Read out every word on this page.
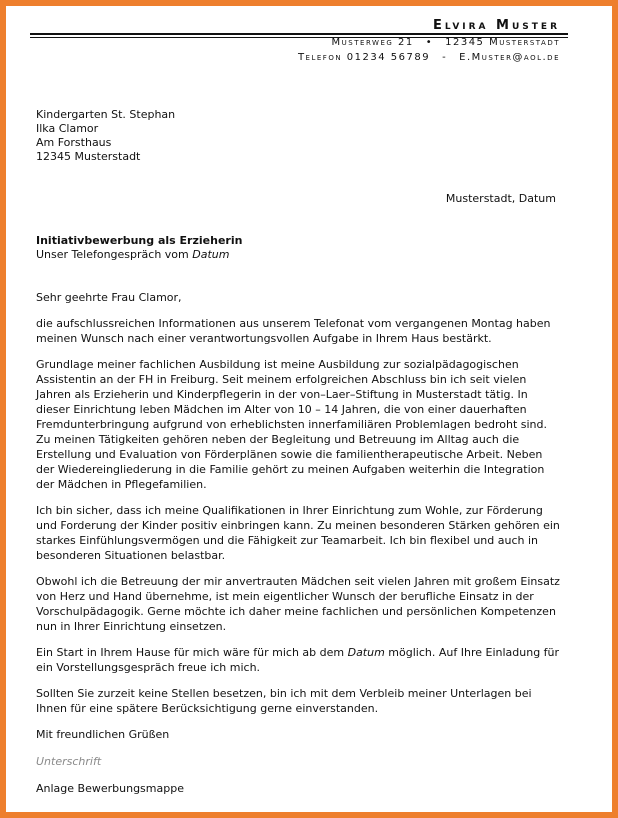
Elvira Muster
Musterweg 21 • 12345 Musterstadt
Telefon 01234 56789 - E.Muster@aol.de
Kindergarten St. Stephan
Ilka Clamor
Am Forsthaus
12345 Musterstadt
Musterstadt, Datum
Initiativbewerbung als Erzieherin
Unser Telefongespräch vom Datum

Sehr geehrte Frau Clamor,

die aufschlussreichen Informationen aus unserem Telefonat vom vergangenen Montag haben meinen Wunsch nach einer verantwortungsvollen Aufgabe in Ihrem Haus bestärkt.

Grundlage meiner fachlichen Ausbildung ist meine Ausbildung zur sozialpädagogischen Assistentin an der FH in Freiburg. Seit meinem erfolgreichen Abschluss bin ich seit vielen Jahren als Erzieherin und Kinderpflegerin in der von–Laer–Stiftung in Musterstadt tätig. In dieser Einrichtung leben Mädchen im Alter von 10 – 14 Jahren, die von einer dauerhaften Fremdunterbringung aufgrund von erheblichsten innerfamiliären Problemlagen bedroht sind. Zu meinen Tätigkeiten gehören neben der Begleitung und Betreuung im Alltag auch die Erstellung und Evaluation von Förderplänen sowie die familientherapeutische Arbeit. Neben der Wiedereingliederung in die Familie gehört zu meinen Aufgaben weiterhin die Integration der Mädchen in Pflegefamilien.

Ich bin sicher, dass ich meine Qualifikationen in Ihrer Einrichtung zum Wohle, zur Förderung und Forderung der Kinder positiv einbringen kann. Zu meinen besonderen Stärken gehören ein starkes Einfühlungsvermögen und die Fähigkeit zur Teamarbeit. Ich bin flexibel und auch in besonderen Situationen belastbar.

Obwohl ich die Betreuung der mir anvertrauten Mädchen seit vielen Jahren mit großem Einsatz von Herz und Hand übernehme, ist mein eigentlicher Wunsch der berufliche Einsatz in der Vorschulpädagogik. Gerne möchte ich daher meine fachlichen und persönlichen Kompetenzen nun in Ihrer Einrichtung einsetzen.

Ein Start in Ihrem Hause für mich wäre für mich ab dem Datum möglich. Auf Ihre Einladung für ein Vorstellungsgespräch freue ich mich.

Sollten Sie zurzeit keine Stellen besetzen, bin ich mit dem Verbleib meiner Unterlagen bei Ihnen für eine spätere Berücksichtigung gerne einverstanden.

Mit freundlichen Grüßen
Unterschrift
Anlage Bewerbungsmappe
